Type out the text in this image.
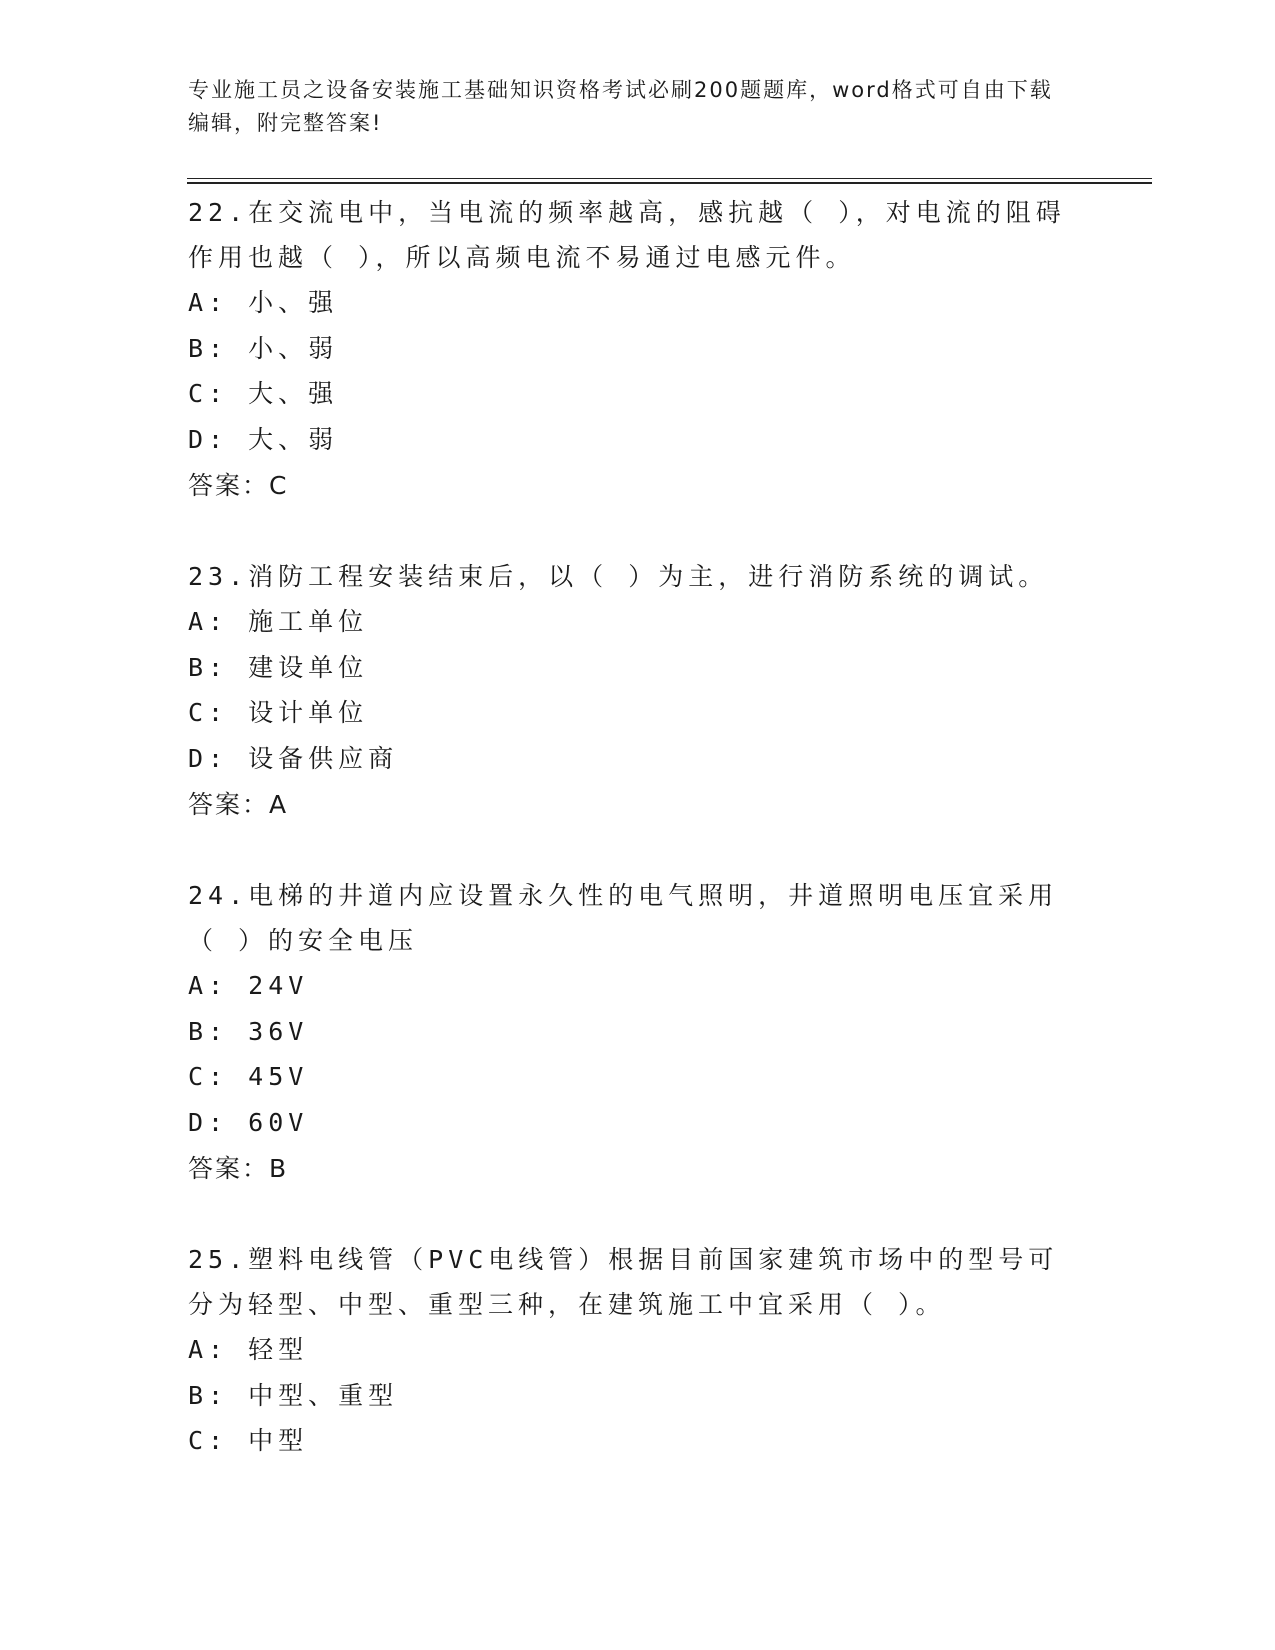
专业施工员之设备安装施工基础知识资格考试必刷200题题库，word格式可自由下载编辑，附完整答案!
22.在交流电中，当电流的频率越高，感抗越（ ），对电流的阻碍作用也越（ ），所以高频电流不易通过电感元件。
A: 小、强
B: 小、弱
C: 大、强
D: 大、弱
答案：C
23.消防工程安装结束后，以（ ）为主，进行消防系统的调试。
A: 施工单位
B: 建设单位
C: 设计单位
D: 设备供应商
答案：A
24.电梯的井道内应设置永久性的电气照明，井道照明电压宜采用（ ）的安全电压
A: 24V
B: 36V
C: 45V
D: 60V
答案：B
25.塑料电线管（PVC电线管）根据目前国家建筑市场中的型号可分为轻型、中型、重型三种，在建筑施工中宜采用（ ）。
A: 轻型
B: 中型、重型
C: 中型
